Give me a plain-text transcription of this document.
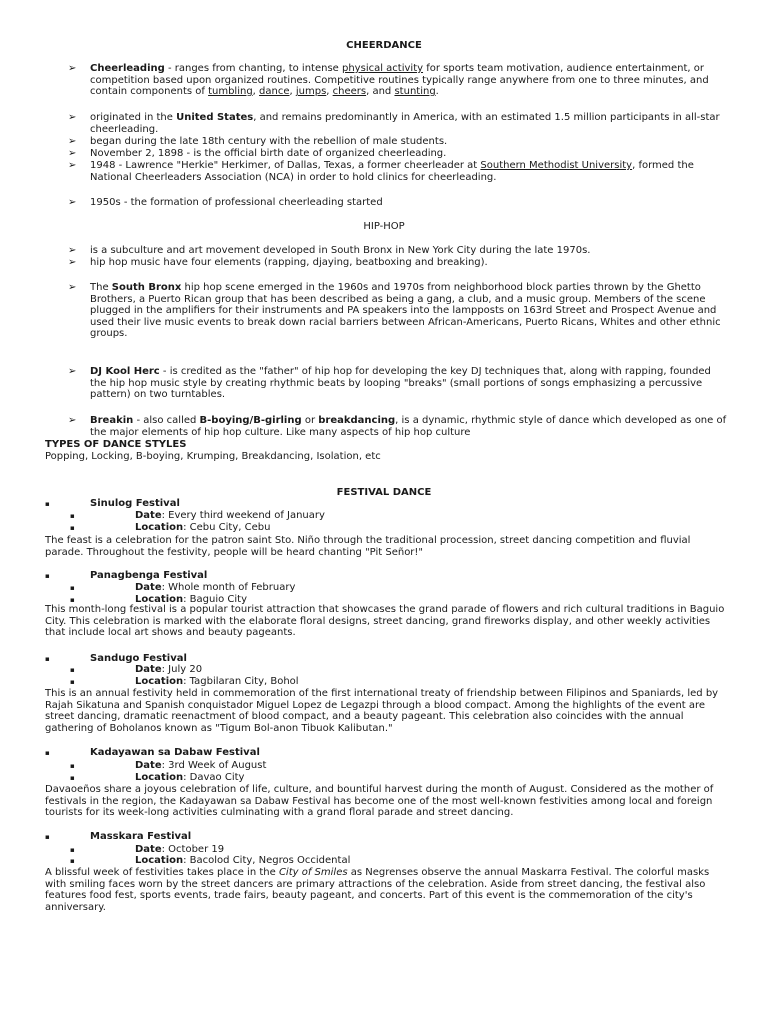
CHEERDANCE
➢ Cheerleading - ranges from chanting, to intense physical activity for sports team motivation, audience entertainment, or competition based upon organized routines. Competitive routines typically range anywhere from one to three minutes, and contain components of tumbling, dance, jumps, cheers, and stunting.
➢ originated in the United States, and remains predominantly in America, with an estimated 1.5 million participants in all-star cheerleading.
➢ began during the late 18th century with the rebellion of male students.
➢ November 2, 1898 - is the official birth date of organized cheerleading.
➢ 1948 - Lawrence "Herkie" Herkimer, of Dallas, Texas, a former cheerleader at Southern Methodist University, formed the National Cheerleaders Association (NCA) in order to hold clinics for cheerleading.
➢ 1950s - the formation of professional cheerleading started
HIP-HOP
➢ is a subculture and art movement developed in South Bronx in New York City during the late 1970s.
➢ hip hop music have four elements (rapping, djaying, beatboxing and breaking).
➢ The South Bronx hip hop scene emerged in the 1960s and 1970s from neighborhood block parties thrown by the Ghetto Brothers, a Puerto Rican group that has been described as being a gang, a club, and a music group. Members of the scene plugged in the amplifiers for their instruments and PA speakers into the lampposts on 163rd Street and Prospect Avenue and used their live music events to break down racial barriers between African-Americans, Puerto Ricans, Whites and other ethnic groups.
➢ DJ Kool Herc - is credited as the "father" of hip hop for developing the key DJ techniques that, along with rapping, founded the hip hop music style by creating rhythmic beats by looping "breaks" (small portions of songs emphasizing a percussive pattern) on two turntables.
➢ Breakin - also called B-boying/B-girling or breakdancing, is a dynamic, rhythmic style of dance which developed as one of the major elements of hip hop culture. Like many aspects of hip hop culture
TYPES OF DANCE STYLES
Popping, Locking, B-boying, Krumping, Breakdancing, Isolation, etc
FESTIVAL DANCE
▪	Sinulog Festival
▪	Date: Every third weekend of January
▪	Location: Cebu City, Cebu
The feast is a celebration for the patron saint Sto. Niño through the traditional procession, street dancing competition and fluvial parade. Throughout the festivity, people will be heard chanting "Pit Señor!"
▪	Panagbenga Festival
▪	Date: Whole month of February
▪	Location: Baguio City
This month-long festival is a popular tourist attraction that showcases the grand parade of flowers and rich cultural traditions in Baguio City. This celebration is marked with the elaborate floral designs, street dancing, grand fireworks display, and other weekly activities that include local art shows and beauty pageants.
▪	Sandugo Festival
▪	Date: July 20
▪	Location: Tagbilaran City, Bohol
This is an annual festivity held in commemoration of the first international treaty of friendship between Filipinos and Spaniards, led by Rajah Sikatuna and Spanish conquistador Miguel Lopez de Legazpi through a blood compact. Among the highlights of the event are street dancing, dramatic reenactment of blood compact, and a beauty pageant. This celebration also coincides with the annual gathering of Boholanos known as "Tigum Bol-anon Tibuok Kalibutan."
▪	Kadayawan sa Dabaw Festival
▪	Date: 3rd Week of August
▪	Location: Davao City
Davaoeños share a joyous celebration of life, culture, and bountiful harvest during the month of August. Considered as the mother of festivals in the region, the Kadayawan sa Dabaw Festival has become one of the most well-known festivities among local and foreign tourists for its week-long activities culminating with a grand floral parade and street dancing.
▪	Masskara Festival
▪	Date: October 19
▪	Location: Bacolod City, Negros Occidental
A blissful week of festivities takes place in the City of Smiles as Negrenses observe the annual Maskarra Festival. The colorful masks with smiling faces worn by the street dancers are primary attractions of the celebration. Aside from street dancing, the festival also features food fest, sports events, trade fairs, beauty pageant, and concerts. Part of this event is the commemoration of the city's anniversary.
